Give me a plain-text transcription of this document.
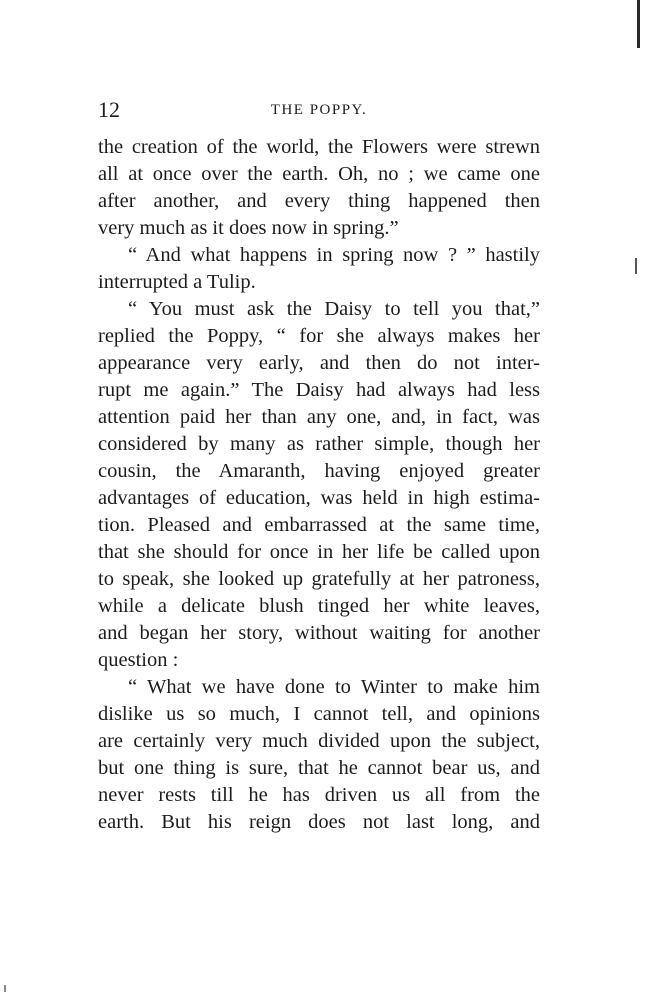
12	THE POPPY.
the creation of the world, the Flowers were strewn
all at once over the earth. Oh, no ; we came one
after another, and every thing happened then
very much as it does now in spring.”
“ And what happens in spring now ? ” hastily
interrupted a Tulip.
“ You must ask the Daisy to tell you that,”
replied the Poppy, “ for she always makes her
appearance very early, and then do not inter-
rupt me again.” The Daisy had always had less
attention paid her than any one, and, in fact, was
considered by many as rather simple, though her
cousin, the Amaranth, having enjoyed greater
advantages of education, was held in high estima-
tion. Pleased and embarrassed at the same time,
that she should for once in her life be called upon
to speak, she looked up gratefully at her patroness,
while a delicate blush tinged her white leaves,
and began her story, without waiting for another
question :
“ What we have done to Winter to make him
dislike us so much, I cannot tell, and opinions
are certainly very much divided upon the subject,
but one thing is sure, that he cannot bear us, and
never rests till he has driven us all from the
earth. But his reign does not last long, and
